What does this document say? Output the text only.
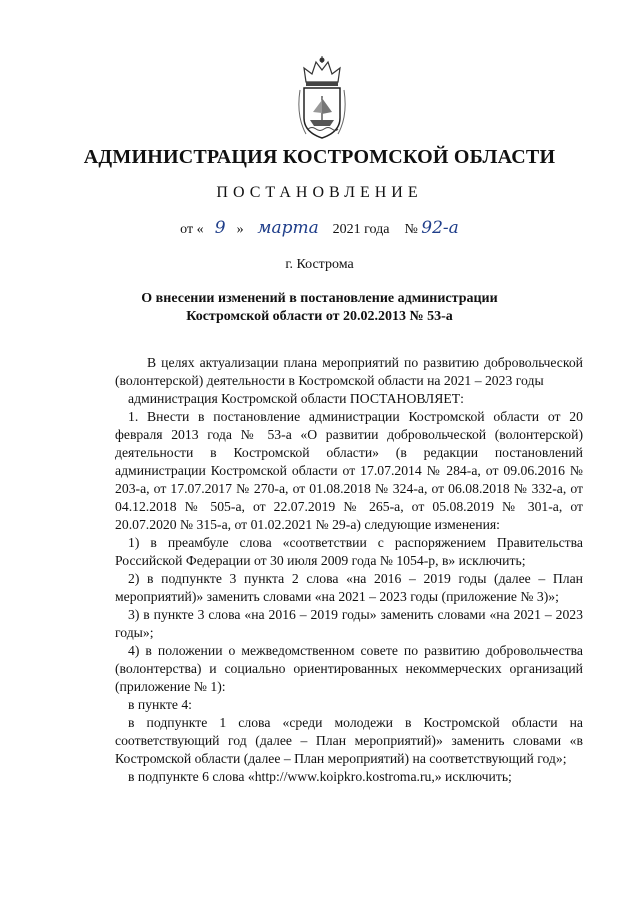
АДМИНИСТРАЦИЯ КОСТРОМСКОЙ ОБЛАСТИ
ПОСТАНОВЛЕНИЕ
от « 9 » марта 2021 года № 92-а
г. Кострома
О внесении изменений в постановление администрации
Костромской области от 20.02.2013 № 53-а

В целях актуализации плана мероприятий по развитию добровольческой (волонтерской) деятельности в Костромской области на 2021 – 2023 годы

администрация Костромской области ПОСТАНОВЛЯЕТ:

1. Внести в постановление администрации Костромской области от 20 февраля 2013 года № 53-а «О развитии добровольческой (волонтерской) деятельности в Костромской области» (в редакции постановлений администрации Костромской области от 17.07.2014 № 284-а, от 09.06.2016 № 203-а, от 17.07.2017 № 270-а, от 01.08.2018 № 324-а, от 06.08.2018 № 332-а, от 04.12.2018 № 505-а, от 22.07.2019 № 265-а, от 05.08.2019 № 301-а, от 20.07.2020 № 315-а, от 01.02.2021 № 29-а) следующие изменения:

1) в преамбуле слова «соответствии с распоряжением Правительства Российской Федерации от 30 июля 2009 года № 1054-р, в» исключить;

2) в подпункте 3 пункта 2 слова «на 2016 – 2019 годы (далее – План мероприятий)» заменить словами «на 2021 – 2023 годы (приложение № 3)»;

3) в пункте 3 слова «на 2016 – 2019 годы» заменить словами «на 2021 – 2023 годы»;

4) в положении о межведомственном совете по развитию добровольчества (волонтерства) и социально ориентированных некоммерческих организаций (приложение № 1):

в пункте 4:

в подпункте 1 слова «среди молодежи в Костромской области на соответствующий год (далее – План мероприятий)» заменить словами «в Костромской области (далее – План мероприятий) на соответствующий год»;

в подпункте 6 слова «http://www.koipkro.kostroma.ru,» исключить;
